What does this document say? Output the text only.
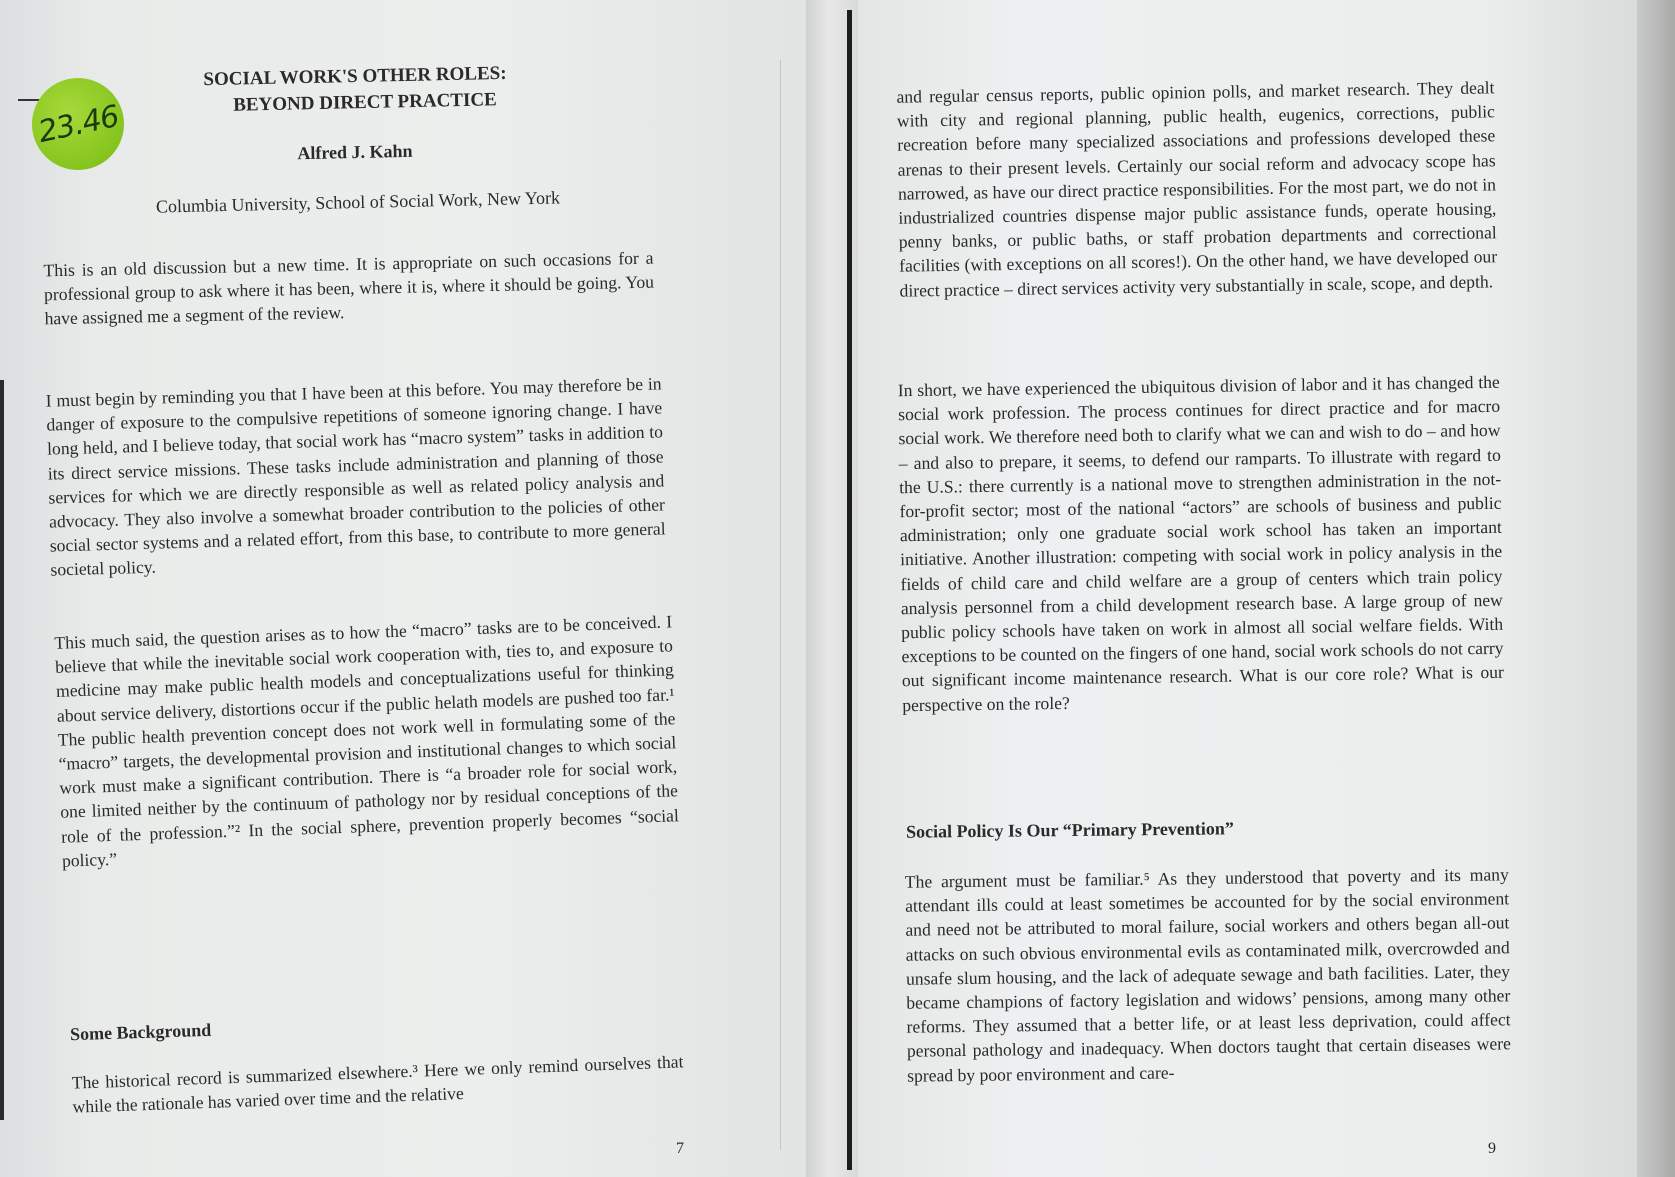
23.46
SOCIAL WORK'S OTHER ROLES:
BEYOND DIRECT PRACTICE
Alfred J. Kahn
Columbia University, School of Social Work, New York

This is an old discussion but a new time. It is appropriate on such occasions for a professional group to ask where it has been, where it is, where it should be going. You have assigned me a segment of the review.

I must begin by reminding you that I have been at this before. You may therefore be in danger of exposure to the compulsive repetitions of someone ignoring change. I have long held, and I believe today, that social work has “macro system” tasks in addition to its direct service missions. These tasks include administration and planning of those services for which we are directly responsible as well as related policy analysis and advocacy. They also involve a somewhat broader contribution to the policies of other social sector systems and a related effort, from this base, to contribute to more general societal policy.

This much said, the question arises as to how the “macro” tasks are to be conceived. I believe that while the inevitable social work cooperation with, ties to, and exposure to medicine may make public health models and conceptualizations useful for thinking about service delivery, distortions occur if the public helath models are pushed too far.¹ The public health prevention concept does not work well in formulating some of the “macro” targets, the developmental provision and institutional changes to which social work must make a significant contribution. There is “a broader role for social work, one limited neither by the continuum of pathology nor by residual conceptions of the role of the profession.”² In the social sphere, prevention properly becomes “social policy.”

Some Background

The historical record is summarized elsewhere.³ Here we only remind ourselves that while the rationale has varied over time and the relative

7

and regular census reports, public opinion polls, and market research. They dealt with city and regional planning, public health, eugenics, corrections, public recreation before many specialized associations and professions developed these arenas to their present levels. Certainly our social reform and advocacy scope has narrowed, as have our direct practice responsibilities. For the most part, we do not in industrialized countries dispense major public assistance funds, operate housing, penny banks, or public baths, or staff probation departments and correctional facilities (with exceptions on all scores!). On the other hand, we have developed our direct practice – direct services activity very substantially in scale, scope, and depth.

In short, we have experienced the ubiquitous division of labor and it has changed the social work profession. The process continues for direct practice and for macro social work. We therefore need both to clarify what we can and wish to do – and how – and also to prepare, it seems, to defend our ramparts. To illustrate with regard to the U.S.: there currently is a national move to strengthen administration in the not-for-profit sector; most of the national “actors” are schools of business and public administration; only one graduate social work school has taken an important initiative. Another illustration: competing with social work in policy analysis in the fields of child care and child welfare are a group of centers which train policy analysis personnel from a child development research base. A large group of new public policy schools have taken on work in almost all social welfare fields. With exceptions to be counted on the fingers of one hand, social work schools do not carry out significant income maintenance research. What is our core role? What is our perspective on the role?

Social Policy Is Our “Primary Prevention”

The argument must be familiar.⁵ As they understood that poverty and its many attendant ills could at least sometimes be accounted for by the social environment and need not be attributed to moral failure, social workers and others began all-out attacks on such obvious environmental evils as contaminated milk, overcrowded and unsafe slum housing, and the lack of adequate sewage and bath facilities. Later, they became champions of factory legislation and widows’ pensions, among many other reforms. They assumed that a better life, or at least less deprivation, could affect personal pathology and inadequacy. When doctors taught that certain diseases were spread by poor environment and care-

9
